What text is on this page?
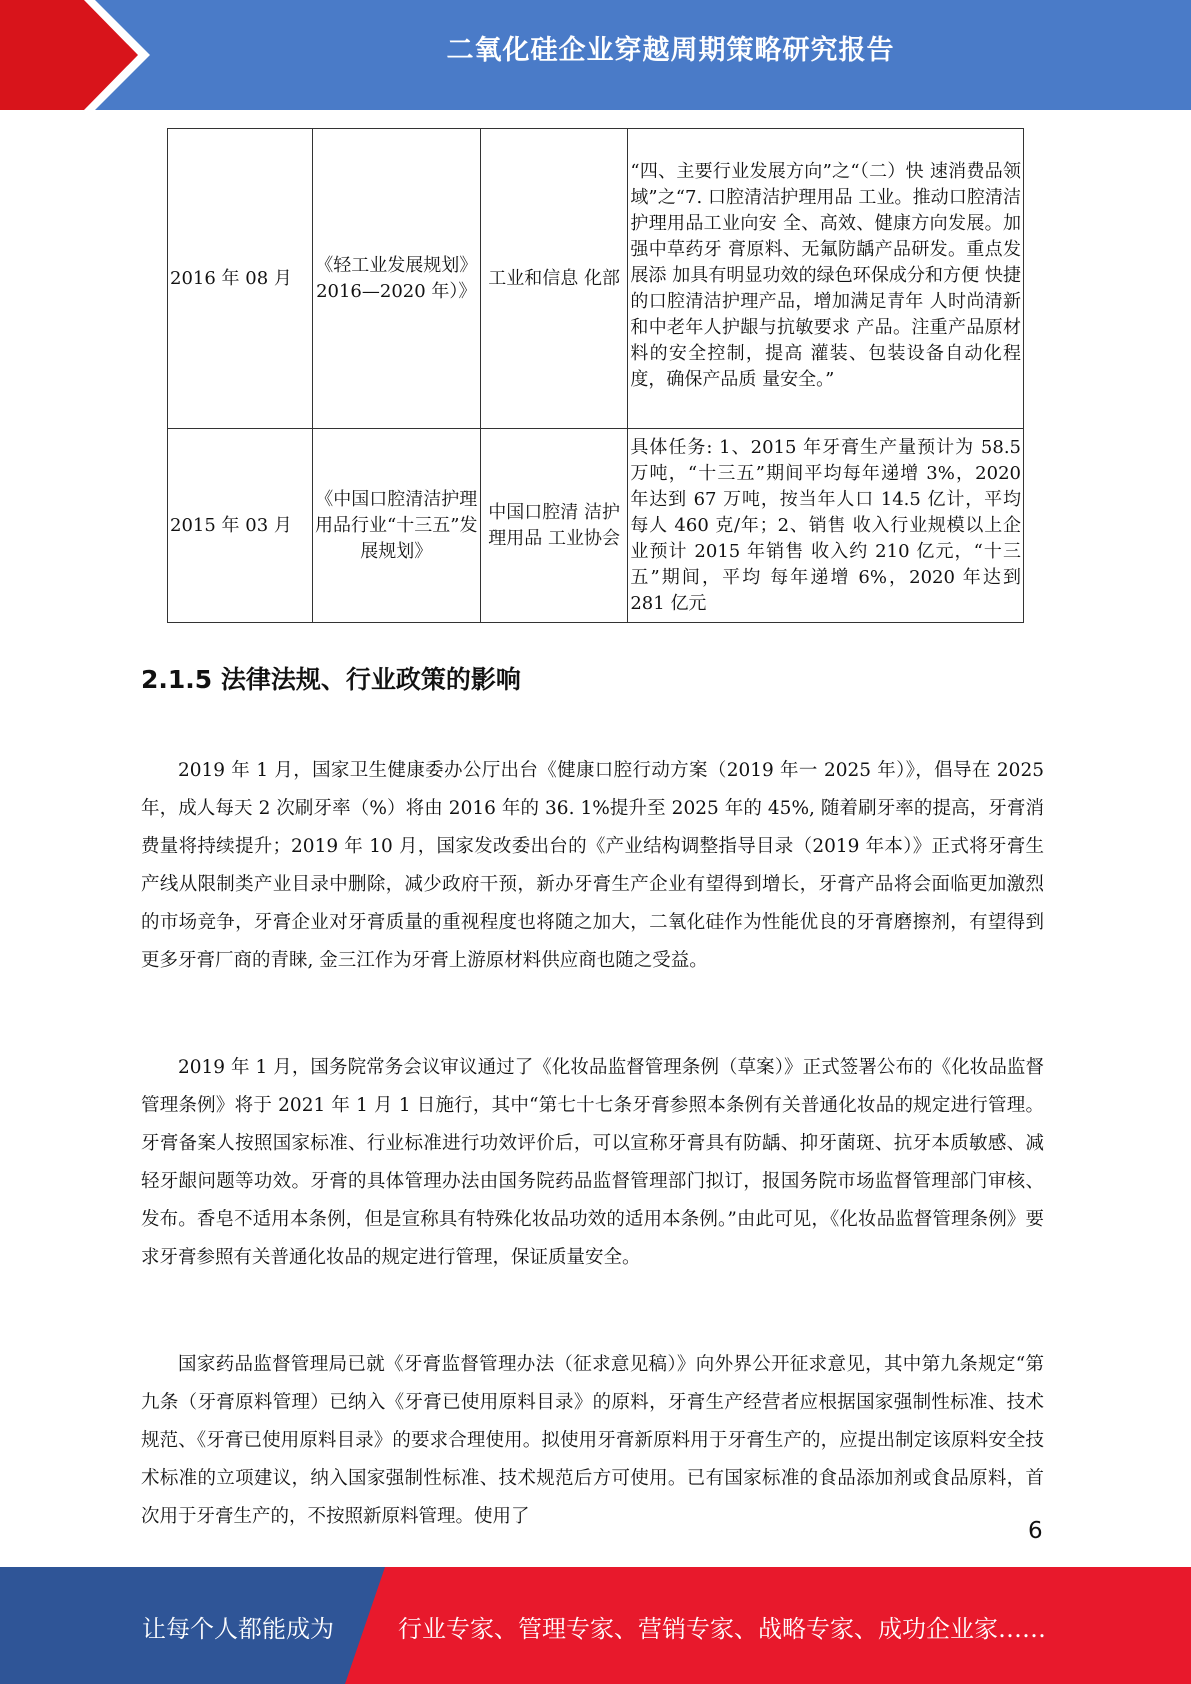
二氧化硅企业穿越周期策略研究报告
2016 年 08 月	《轻工业发展规划》2016—2020 年）》	工业和信息 化部	“四、主要行业发展方向”之“（二）快 速消费品领域”之“7. 口腔清洁护理用品 工业。推动口腔清洁护理用品工业向安 全、高效、健康方向发展。加强中草药牙 膏原料、无氟防龋产品研发。重点发展添 加具有明显功效的绿色环保成分和方便 快捷的口腔清洁护理产品，增加满足青年 人时尚清新和中老年人护龈与抗敏要求 产品。注重产品原材料的安全控制，提高 灌装、包装设备自动化程度，确保产品质 量安全。”
2015 年 03 月	《中国口腔清洁护理用品行业“十三五”发展规划》	中国口腔清 洁护理用品 工业协会	具体任务: 1、2015 年牙膏生产量预计为 58.5 万吨，“十三五”期间平均每年递增 3%，2020 年达到 67 万吨，按当年人口 14.5 亿计，平均每人 460 克/年；2、销售 收入行业规模以上企业预计 2015 年销售 收入约 210 亿元，“十三五”期间，平均 每年递增 6%，2020 年达到 281 亿元
2.1.5 法律法规、行业政策的影响

2019 年 1 月，国家卫生健康委办公厅出台《健康口腔行动方案（2019 年一 2025 年）》，倡导在 2025 年，成人每天 2 次刷牙率（%）将由 2016 年的 36. 1%提升至 2025 年的 45%, 随着刷牙率的提高，牙膏消费量将持续提升；2019 年 10 月，国家发改委出台的《产业结构调整指导目录（2019 年本）》正式将牙膏生产线从限制类产业目录中删除，减少政府干预，新办牙膏生产企业有望得到增长，牙膏产品将会面临更加激烈的市场竞争，牙膏企业对牙膏质量的重视程度也将随之加大，二氧化硅作为性能优良的牙膏磨擦剂，有望得到更多牙膏厂商的青睐, 金三江作为牙膏上游原材料供应商也随之受益。

2019 年 1 月，国务院常务会议审议通过了《化妆品监督管理条例（草案）》正式签署公布的《化妆品监督管理条例》将于 2021 年 1 月 1 日施行，其中“第七十七条牙膏参照本条例有关普通化妆品的规定进行管理。牙膏备案人按照国家标准、行业标准进行功效评价后，可以宣称牙膏具有防龋、抑牙菌斑、抗牙本质敏感、减轻牙龈问题等功效。牙膏的具体管理办法由国务院药品监督管理部门拟订，报国务院市场监督管理部门审核、发布。香皂不适用本条例，但是宣称具有特殊化妆品功效的适用本条例。”由此可见，《化妆品监督管理条例》要求牙膏参照有关普通化妆品的规定进行管理，保证质量安全。

国家药品监督管理局已就《牙膏监督管理办法（征求意见稿）》向外界公开征求意见，其中第九条规定“第九条（牙膏原料管理）已纳入《牙膏已使用原料目录》的原料，牙膏生产经营者应根据国家强制性标准、技术规范、《牙膏已使用原料目录》的要求合理使用。拟使用牙膏新原料用于牙膏生产的，应提出制定该原料安全技术标准的立项建议，纳入国家强制性标准、技术规范后方可使用。已有国家标准的食品添加剂或食品原料，首次用于牙膏生产的，不按照新原料管理。使用了

6
让每个人都能成为	行业专家、管理专家、营销专家、战略专家、成功企业家……
